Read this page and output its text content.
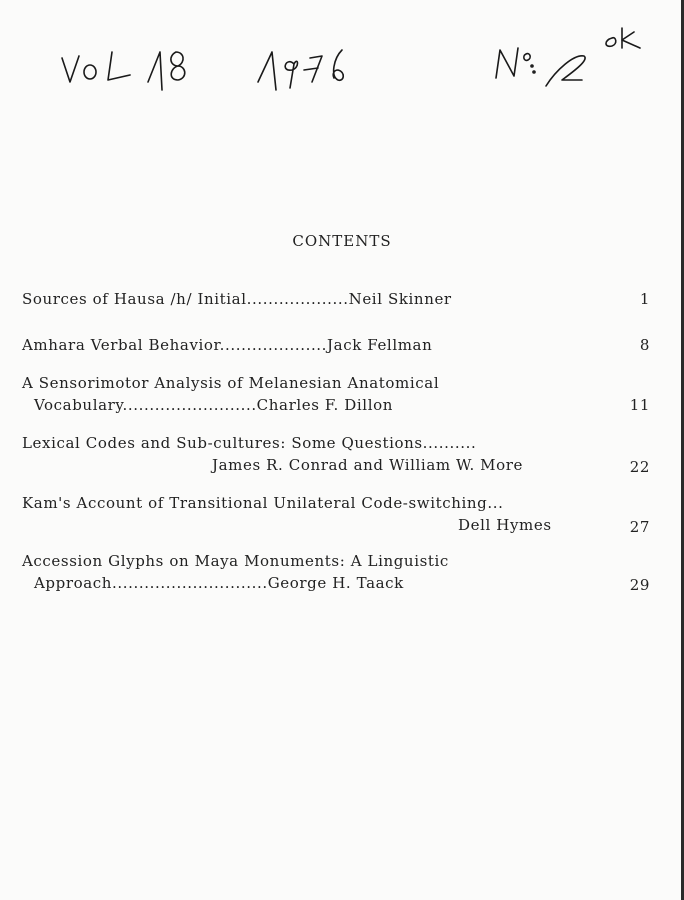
CONTENTS
Sources of Hausa /h/ Initial...................Neil Skinner	1
Amhara Verbal Behavior....................Jack Fellman	8
A Sensorimotor Analysis of Melanesian Anatomical
Vocabulary.........................Charles F. Dillon	11
Lexical Codes and Sub-cultures: Some Questions..........
James R. Conrad and William W. More	22
Kam's Account of Transitional Unilateral Code-switching...
Dell Hymes	27
Accession Glyphs on Maya Monuments: A Linguistic
Approach.............................George H. Taack	29
